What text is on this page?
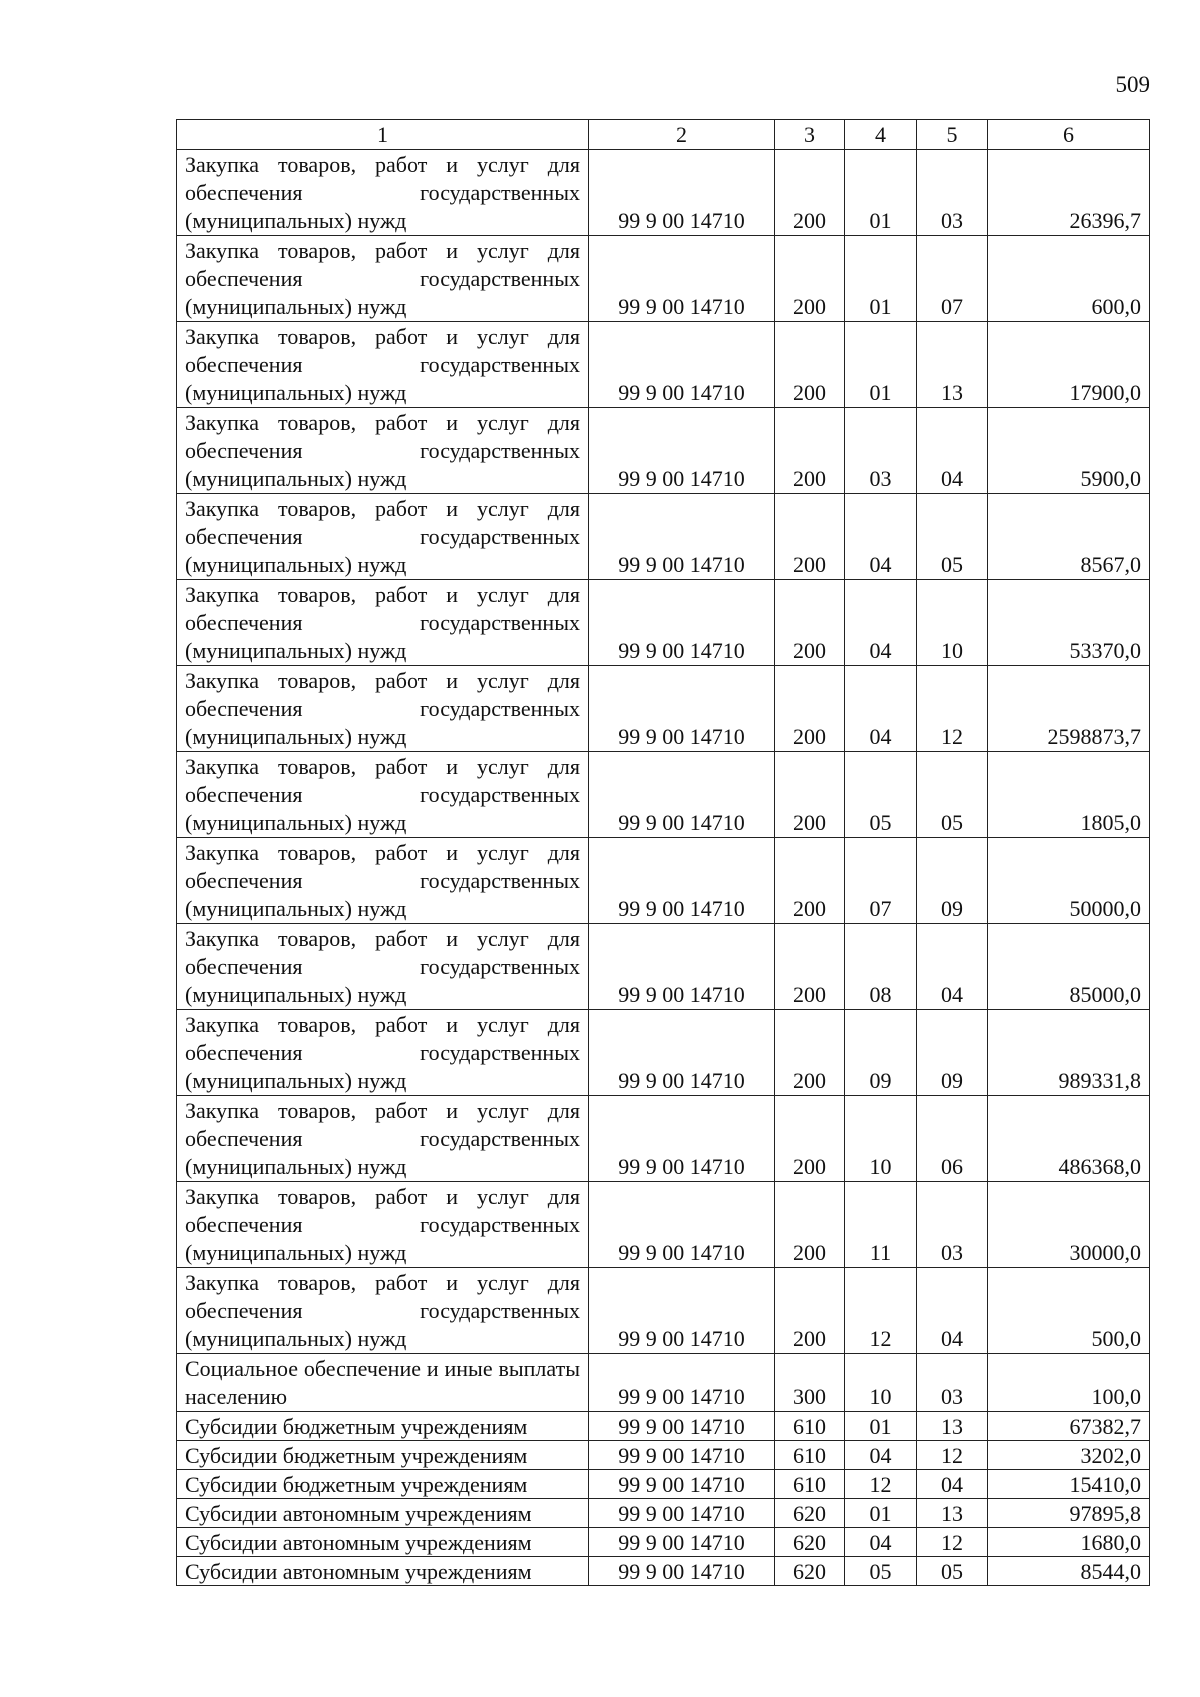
509
1	2	3	4	5	6
Закупка товаров, работ и услуг для обеспечения государственных (муниципальных) нужд	99 9 00 14710	200	01	03	26396,7
Закупка товаров, работ и услуг для обеспечения государственных (муниципальных) нужд	99 9 00 14710	200	01	07	600,0
Закупка товаров, работ и услуг для обеспечения государственных (муниципальных) нужд	99 9 00 14710	200	01	13	17900,0
Закупка товаров, работ и услуг для обеспечения государственных (муниципальных) нужд	99 9 00 14710	200	03	04	5900,0
Закупка товаров, работ и услуг для обеспечения государственных (муниципальных) нужд	99 9 00 14710	200	04	05	8567,0
Закупка товаров, работ и услуг для обеспечения государственных (муниципальных) нужд	99 9 00 14710	200	04	10	53370,0
Закупка товаров, работ и услуг для обеспечения государственных (муниципальных) нужд	99 9 00 14710	200	04	12	2598873,7
Закупка товаров, работ и услуг для обеспечения государственных (муниципальных) нужд	99 9 00 14710	200	05	05	1805,0
Закупка товаров, работ и услуг для обеспечения государственных (муниципальных) нужд	99 9 00 14710	200	07	09	50000,0
Закупка товаров, работ и услуг для обеспечения государственных (муниципальных) нужд	99 9 00 14710	200	08	04	85000,0
Закупка товаров, работ и услуг для обеспечения государственных (муниципальных) нужд	99 9 00 14710	200	09	09	989331,8
Закупка товаров, работ и услуг для обеспечения государственных (муниципальных) нужд	99 9 00 14710	200	10	06	486368,0
Закупка товаров, работ и услуг для обеспечения государственных (муниципальных) нужд	99 9 00 14710	200	11	03	30000,0
Закупка товаров, работ и услуг для обеспечения государственных (муниципальных) нужд	99 9 00 14710	200	12	04	500,0
Социальное обеспечение и иные выплаты населению	99 9 00 14710	300	10	03	100,0
Субсидии бюджетным учреждениям	99 9 00 14710	610	01	13	67382,7
Субсидии бюджетным учреждениям	99 9 00 14710	610	04	12	3202,0
Субсидии бюджетным учреждениям	99 9 00 14710	610	12	04	15410,0
Субсидии автономным учреждениям	99 9 00 14710	620	01	13	97895,8
Субсидии автономным учреждениям	99 9 00 14710	620	04	12	1680,0
Субсидии автономным учреждениям	99 9 00 14710	620	05	05	8544,0
